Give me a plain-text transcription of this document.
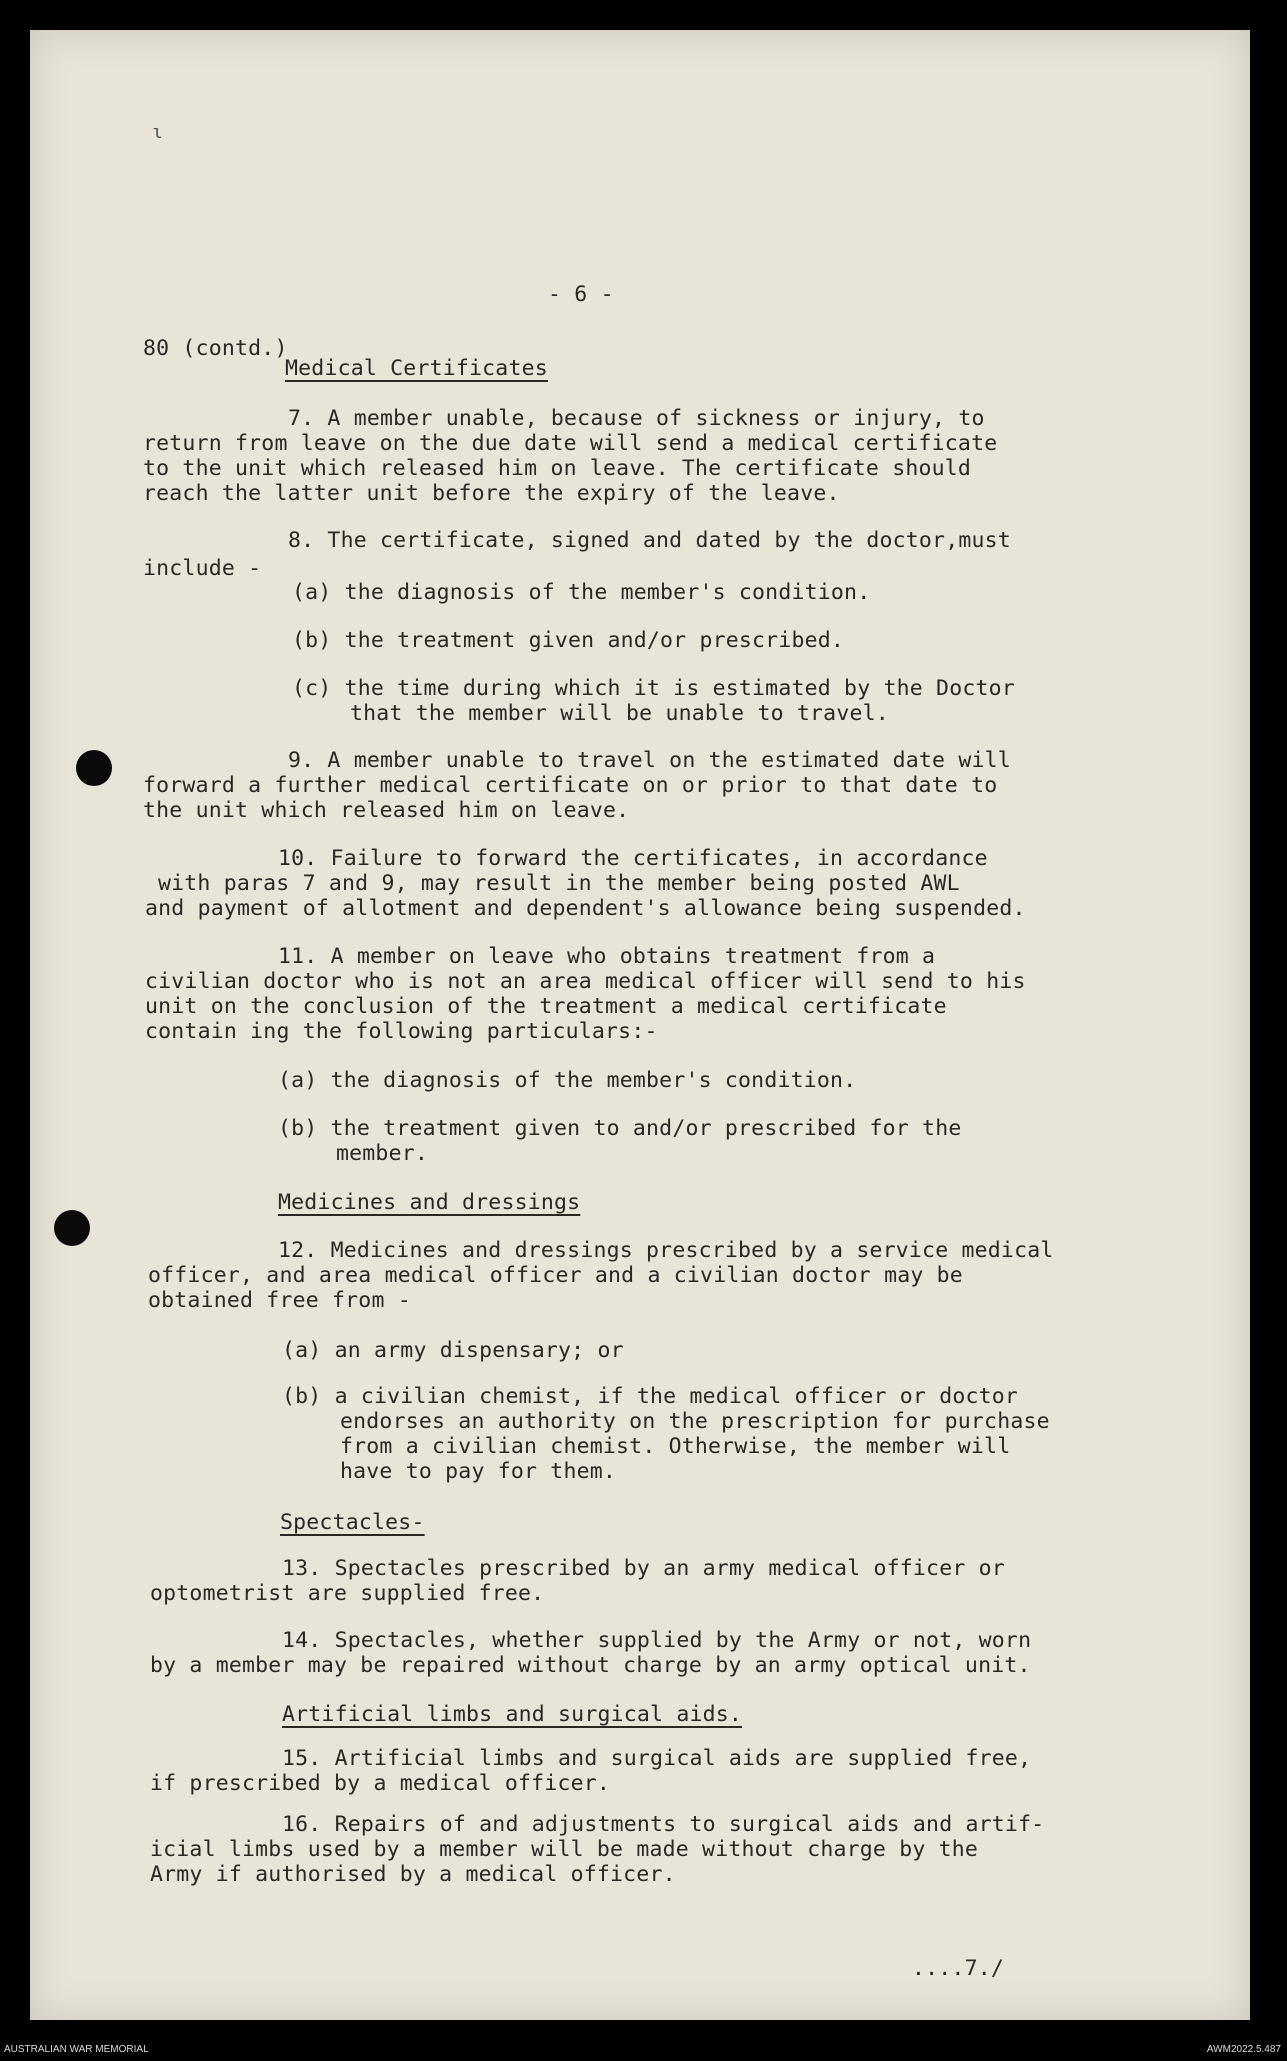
ɩ
- 6 -
80 (contd.)
Medical Certificates
7. A member unable, because of sickness or injury, to
return from leave on the due date will send a medical certificate
to the unit which released him on leave. The certificate should
reach the latter unit before the expiry of the leave.
8. The certificate, signed and dated by the doctor,must
include -
(a) the diagnosis of the member's condition.
(b) the treatment given and/or prescribed.
(c) the time during which it is estimated by the Doctor
that the member will be unable to travel.
9. A member unable to travel on the estimated date will
forward a further medical certificate on or prior to that date to
the unit which released him on leave.
10. Failure to forward the certificates, in accordance
with paras 7 and 9, may result in the member being posted AWL
and payment of allotment and dependent's allowance being suspended.
11. A member on leave who obtains treatment from a
civilian doctor who is not an area medical officer will send to his
unit on the conclusion of the treatment a medical certificate
contain ing the following particulars:-
(a) the diagnosis of the member's condition.
(b) the treatment given to and/or prescribed for the
member.
Medicines and dressings
12. Medicines and dressings prescribed by a service medical
officer, and area medical officer and a civilian doctor may be
obtained free from -
(a) an army dispensary; or
(b) a civilian chemist, if the medical officer or doctor
endorses an authority on the prescription for purchase
from a civilian chemist. Otherwise, the member will
have to pay for them.
Spectacles-
13. Spectacles prescribed by an army medical officer or
optometrist are supplied free.
14. Spectacles, whether supplied by the Army or not, worn
by a member may be repaired without charge by an army optical unit.
Artificial limbs and surgical aids.
15. Artificial limbs and surgical aids are supplied free,
if prescribed by a medical officer.
16. Repairs of and adjustments to surgical aids and artif-
icial limbs used by a member will be made without charge by the
Army if authorised by a medical officer.
....7./
AUSTRALIAN WAR MEMORIAL	AWM2022.5.487
